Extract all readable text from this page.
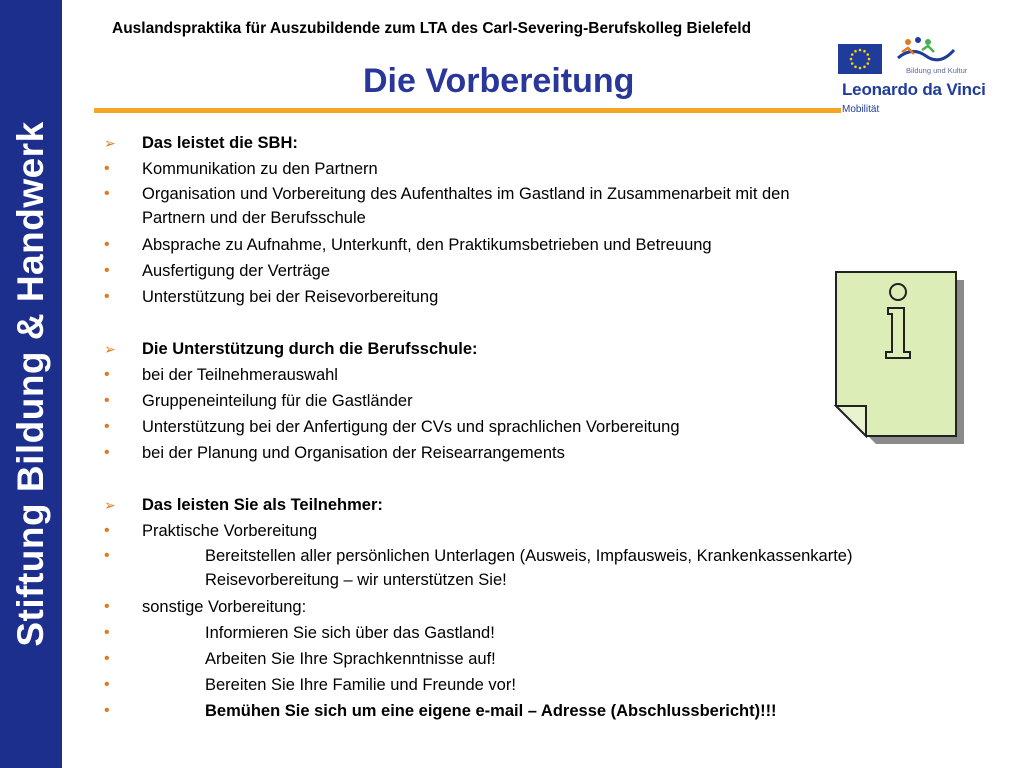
Stiftung Bildung & Handwerk
Auslandspraktika für Auszubildende zum LTA des Carl-Severing-Berufskolleg Bielefeld
Die Vorbereitung	Bildung und Kultur
Leonardo da Vinci
Mobilität
➢	Das leistet die SBH:
•	Kommunikation zu den Partnern
•	Organisation und Vorbereitung des Aufenthaltes im Gastland in Zusammenarbeit mit den
Partnern und der Berufsschule
•	Absprache zu Aufnahme, Unterkunft, den Praktikumsbetrieben und Betreuung
•	Ausfertigung der Verträge
•	Unterstützung bei der Reisevorbereitung
➢	Die Unterstützung durch die Berufsschule:
•	bei der Teilnehmerauswahl
•	Gruppeneinteilung für die Gastländer
•	Unterstützung bei der Anfertigung der CVs und sprachlichen Vorbereitung
•	bei der Planung und Organisation der Reisearrangements
➢	Das leisten Sie als Teilnehmer:
•	Praktische Vorbereitung
•	Bereitstellen aller persönlichen Unterlagen (Ausweis, Impfausweis, Krankenkassenkarte)
Reisevorbereitung – wir unterstützen Sie!
•	sonstige Vorbereitung:
•	Informieren Sie sich über das Gastland!
•	Arbeiten Sie Ihre Sprachkenntnisse auf!
•	Bereiten Sie Ihre Familie und Freunde vor!
•	Bemühen Sie sich um eine eigene e-mail – Adresse (Abschlussbericht)!!!
